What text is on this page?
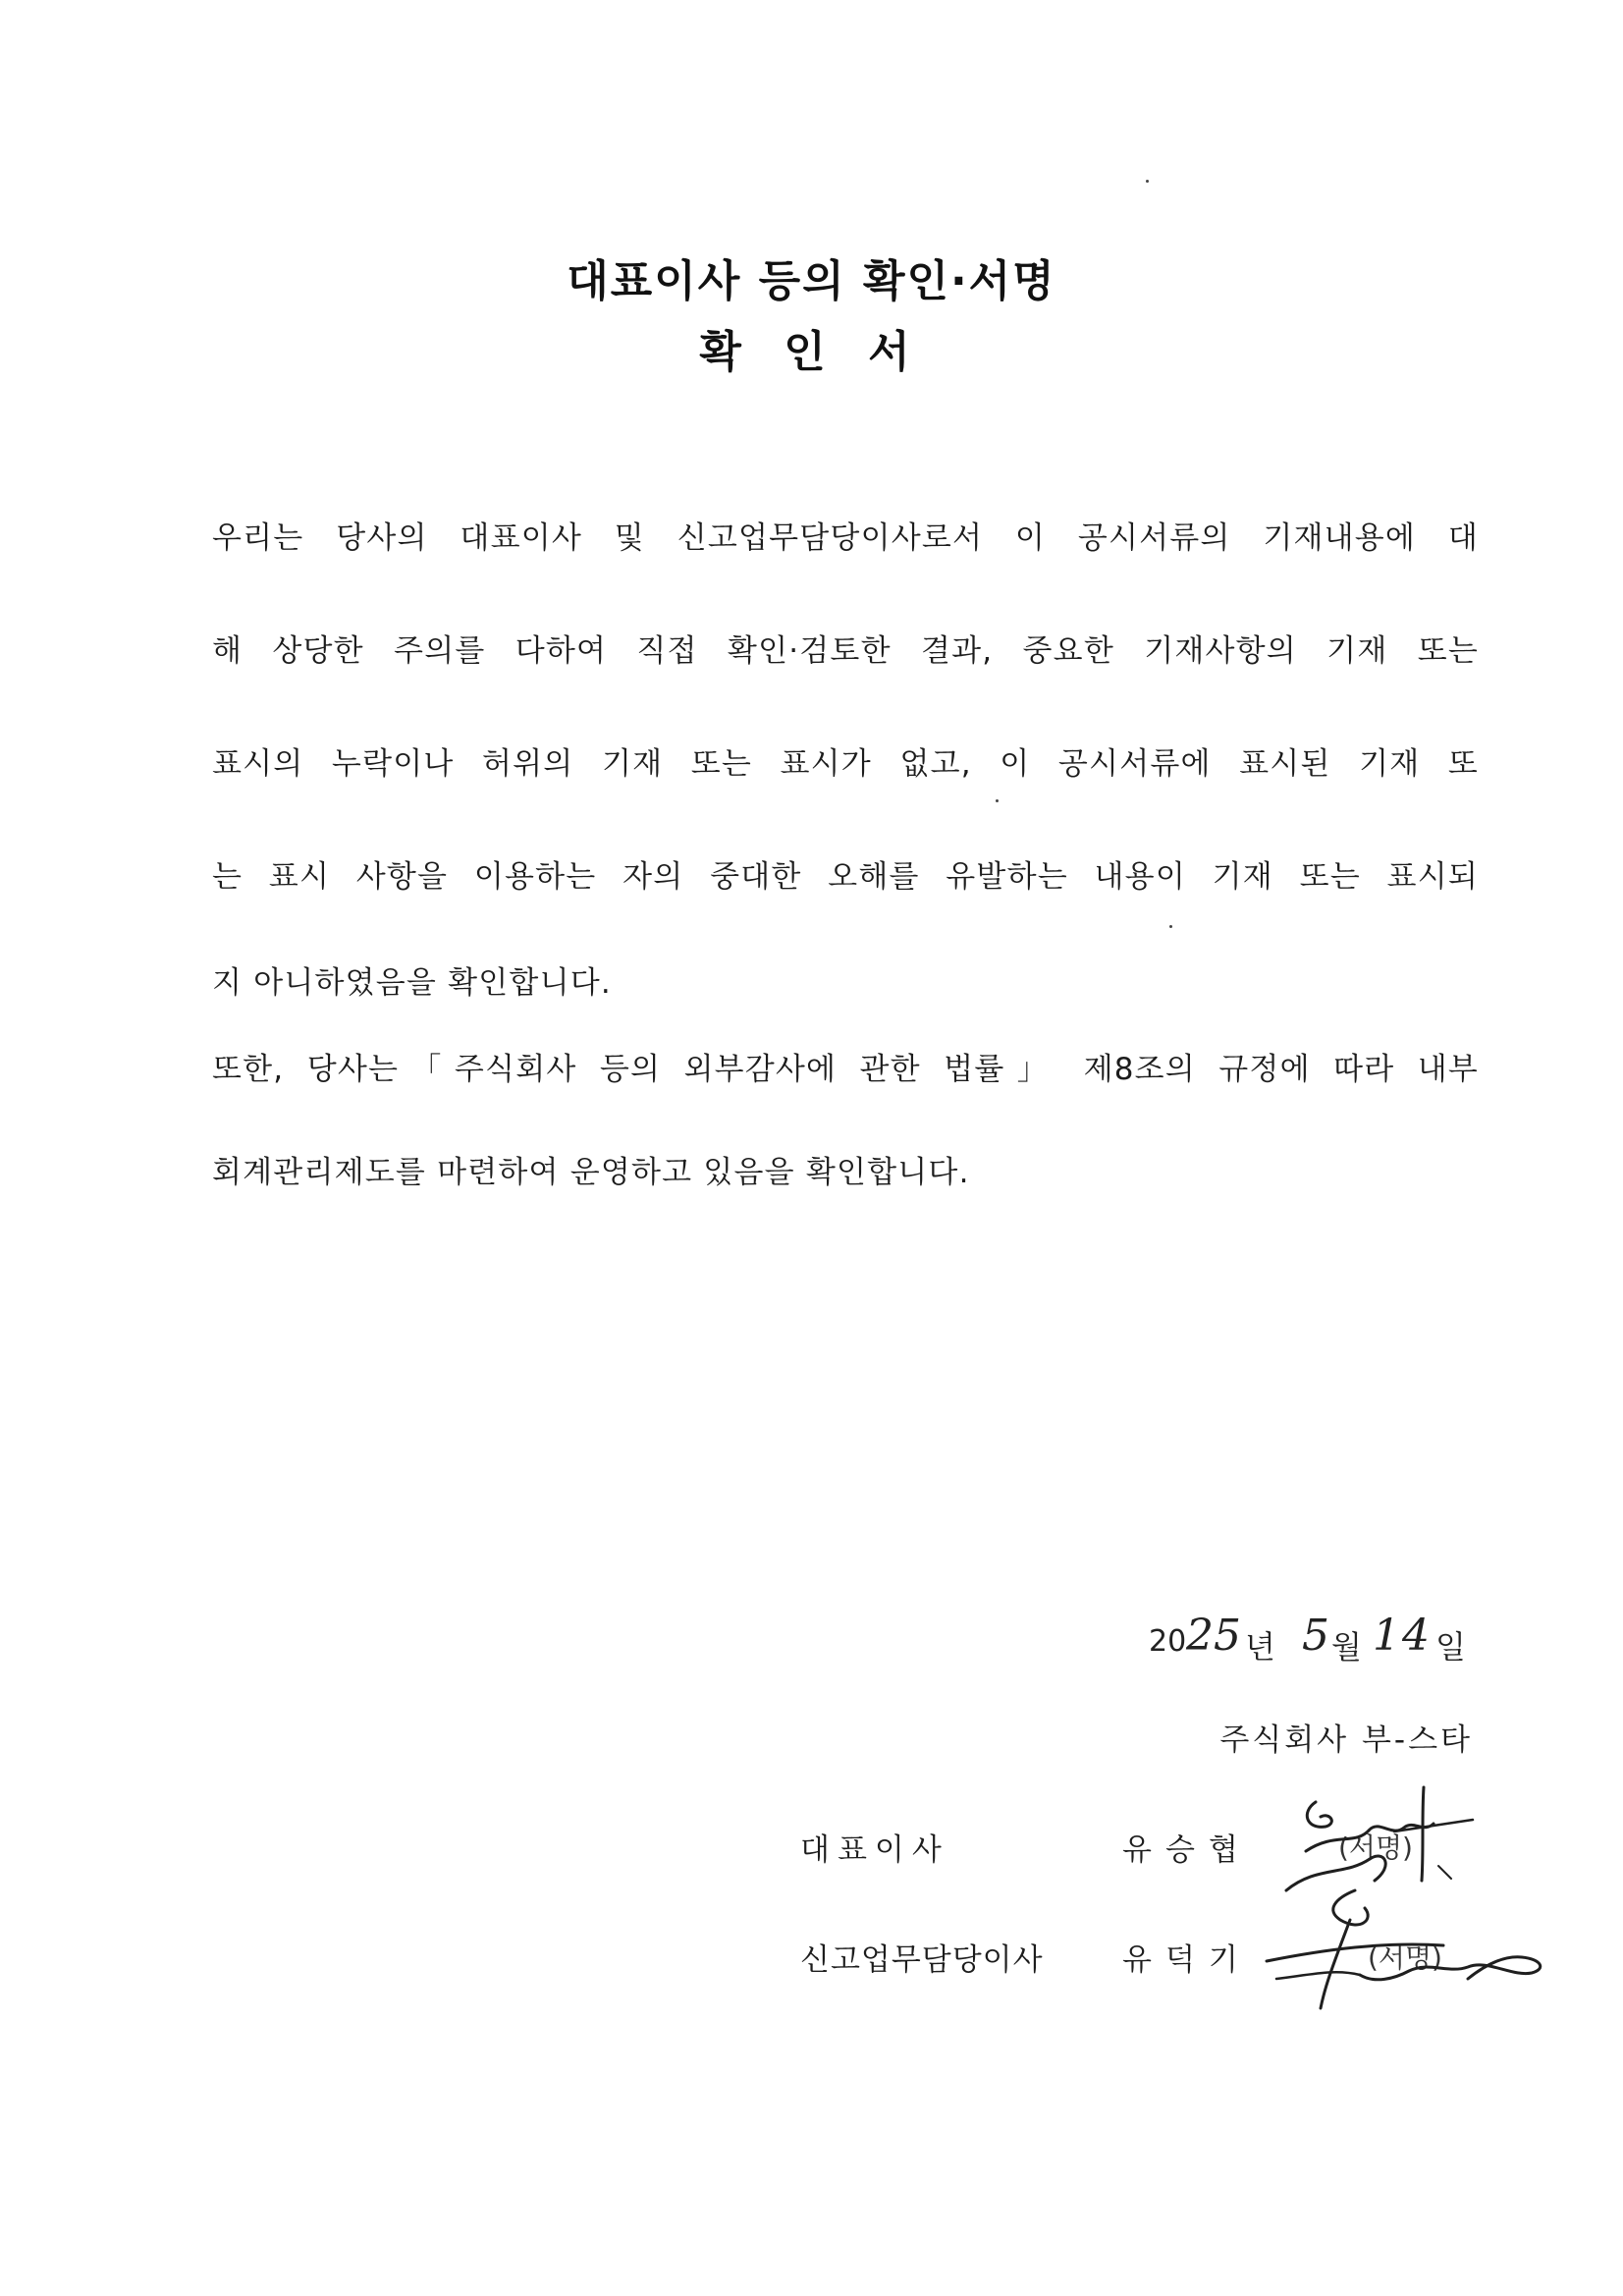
대표이사 등의 확인·서명
확 인 서
우리는 당사의 대표이사 및 신고업무담당이사로서 이 공시서류의 기재내용에 대
해 상당한 주의를 다하여 직접 확인·검토한 결과, 중요한 기재사항의 기재 또는
표시의 누락이나 허위의 기재 또는 표시가 없고, 이 공시서류에 표시된 기재 또
는 표시 사항을 이용하는 자의 중대한 오해를 유발하는 내용이 기재 또는 표시되
지 아니하였음을 확인합니다.
또한, 당사는「주식회사 등의 외부감사에 관한 법률」 제8조의 규정에 따라 내부
회계관리제도를 마련하여 운영하고 있음을 확인합니다.
20 25 년 5 월 14 일
주식회사 부-스타
대표이사	유승협	(서명)
신고업무담당이사	유덕기	(서명)
